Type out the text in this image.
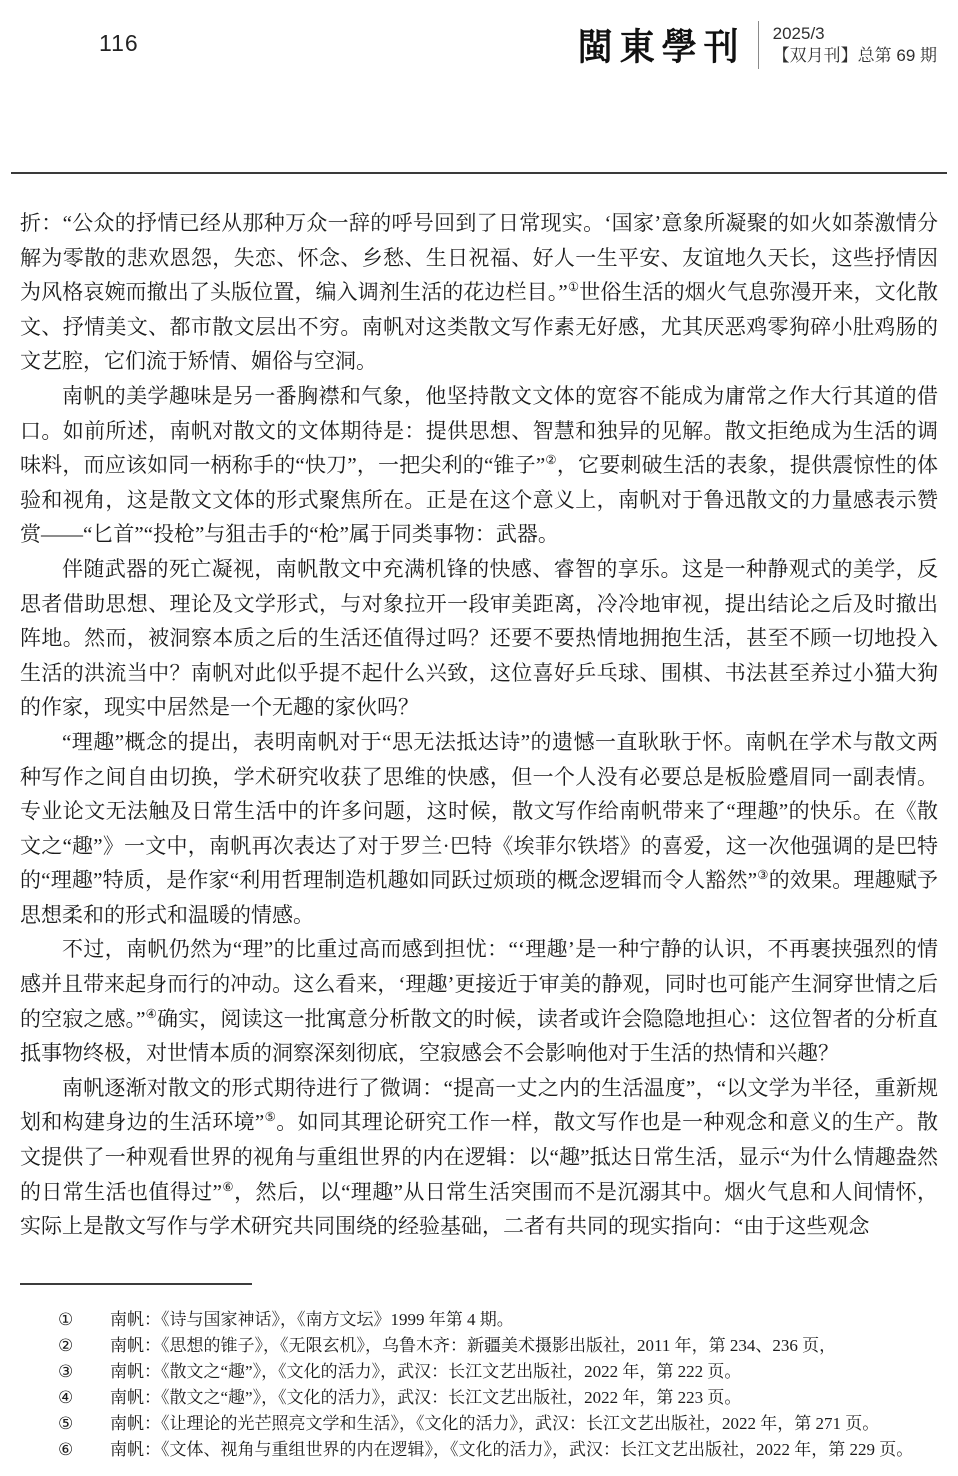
116	閩東學刊 2025/3
【双月刊】总第 69 期

折：“公众的抒情已经从那种万众一辞的呼号回到了日常现实。‘国家’意象所凝聚的如火如荼激情分解为零散的悲欢恩怨，失恋、怀念、乡愁、生日祝福、好人一生平安、友谊地久天长，这些抒情因为风格哀婉而撤出了头版位置，编入调剂生活的花边栏目。”①世俗生活的烟火气息弥漫开来，文化散文、抒情美文、都市散文层出不穷。南帆对这类散文写作素无好感，尤其厌恶鸡零狗碎小肚鸡肠的文艺腔，它们流于矫情、媚俗与空洞。

南帆的美学趣味是另一番胸襟和气象，他坚持散文文体的宽容不能成为庸常之作大行其道的借口。如前所述，南帆对散文的文体期待是：提供思想、智慧和独异的见解。散文拒绝成为生活的调味料，而应该如同一柄称手的“快刀”，一把尖利的“锥子”②，它要刺破生活的表象，提供震惊性的体验和视角，这是散文文体的形式聚焦所在。正是在这个意义上，南帆对于鲁迅散文的力量感表示赞赏——“匕首”“投枪”与狙击手的“枪”属于同类事物：武器。

伴随武器的死亡凝视，南帆散文中充满机锋的快感、睿智的享乐。这是一种静观式的美学，反思者借助思想、理论及文学形式，与对象拉开一段审美距离，冷冷地审视，提出结论之后及时撤出阵地。然而，被洞察本质之后的生活还值得过吗？还要不要热情地拥抱生活，甚至不顾一切地投入生活的洪流当中？南帆对此似乎提不起什么兴致，这位喜好乒乓球、围棋、书法甚至养过小猫大狗的作家，现实中居然是一个无趣的家伙吗？

“理趣”概念的提出，表明南帆对于“思无法抵达诗”的遗憾一直耿耿于怀。南帆在学术与散文两种写作之间自由切换，学术研究收获了思维的快感，但一个人没有必要总是板脸蹙眉同一副表情。专业论文无法触及日常生活中的许多问题，这时候，散文写作给南帆带来了“理趣”的快乐。在《散文之“趣”》一文中，南帆再次表达了对于罗兰·巴特《埃菲尔铁塔》的喜爱，这一次他强调的是巴特的“理趣”特质，是作家“利用哲理制造机趣如同跃过烦琐的概念逻辑而令人豁然”③的效果。理趣赋予思想柔和的形式和温暖的情感。

不过，南帆仍然为“理”的比重过高而感到担忧：“‘理趣’是一种宁静的认识，不再裹挟强烈的情感并且带来起身而行的冲动。这么看来，‘理趣’更接近于审美的静观，同时也可能产生洞穿世情之后的空寂之感。”④确实，阅读这一批寓意分析散文的时候，读者或许会隐隐地担心：这位智者的分析直抵事物终极，对世情本质的洞察深刻彻底，空寂感会不会影响他对于生活的热情和兴趣？

南帆逐渐对散文的形式期待进行了微调：“提高一丈之内的生活温度”，“以文学为半径，重新规划和构建身边的生活环境”⑤。如同其理论研究工作一样，散文写作也是一种观念和意义的生产。散文提供了一种观看世界的视角与重组世界的内在逻辑：以“趣”抵达日常生活，显示“为什么情趣盎然的日常生活也值得过”⑥，然后，以“理趣”从日常生活突围而不是沉溺其中。烟火气息和人间情怀，实际上是散文写作与学术研究共同围绕的经验基础，二者有共同的现实指向：“由于这些观念

①	南帆：《诗与国家神话》，《南方文坛》1999 年第 4 期。
②	南帆：《思想的锥子》，《无限玄机》，乌鲁木齐：新疆美术摄影出版社，2011 年，第 234、236 页，
③	南帆：《散文之“趣”》，《文化的活力》，武汉：长江文艺出版社，2022 年，第 222 页。
④	南帆：《散文之“趣”》，《文化的活力》，武汉：长江文艺出版社，2022 年，第 223 页。
⑤	南帆：《让理论的光芒照亮文学和生活》，《文化的活力》，武汉：长江文艺出版社，2022 年，第 271 页。
⑥	南帆：《文体、视角与重组世界的内在逻辑》，《文化的活力》，武汉：长江文艺出版社，2022 年，第 229 页。
